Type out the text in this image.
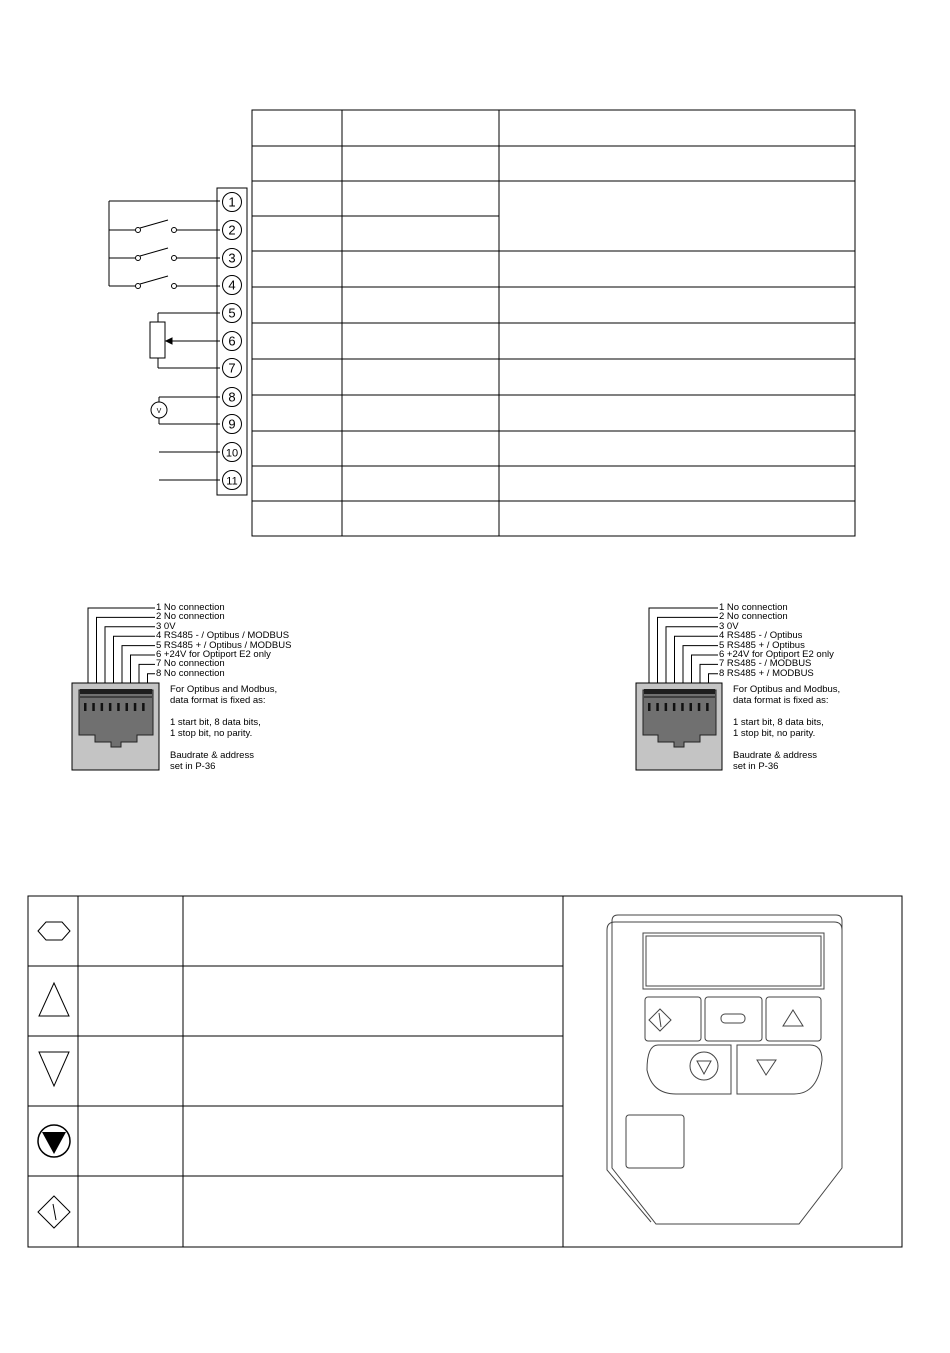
1
2
3
4
5
6
7
8
9
10
11
V
1 No connection
2 No connection
3 0V
4 RS485 - / Optibus / MODBUS
5 RS485 + / Optibus / MODBUS
6 +24V for Optiport E2 only
7 No connection
8 No connection
For Optibus and Modbus,
data format is fixed as:

1 start bit, 8 data bits,
1 stop bit, no parity.

Baudrate & address
set in P-36
1 No connection
2 No connection
3 0V
4 RS485 - / Optibus
5 RS485 + / Optibus
6 +24V for Optiport E2 only
7 RS485 - / MODBUS
8 RS485 + / MODBUS
For Optibus and Modbus,
data format is fixed as:

1 start bit, 8 data bits,
1 stop bit, no parity.

Baudrate & address
set in P-36
